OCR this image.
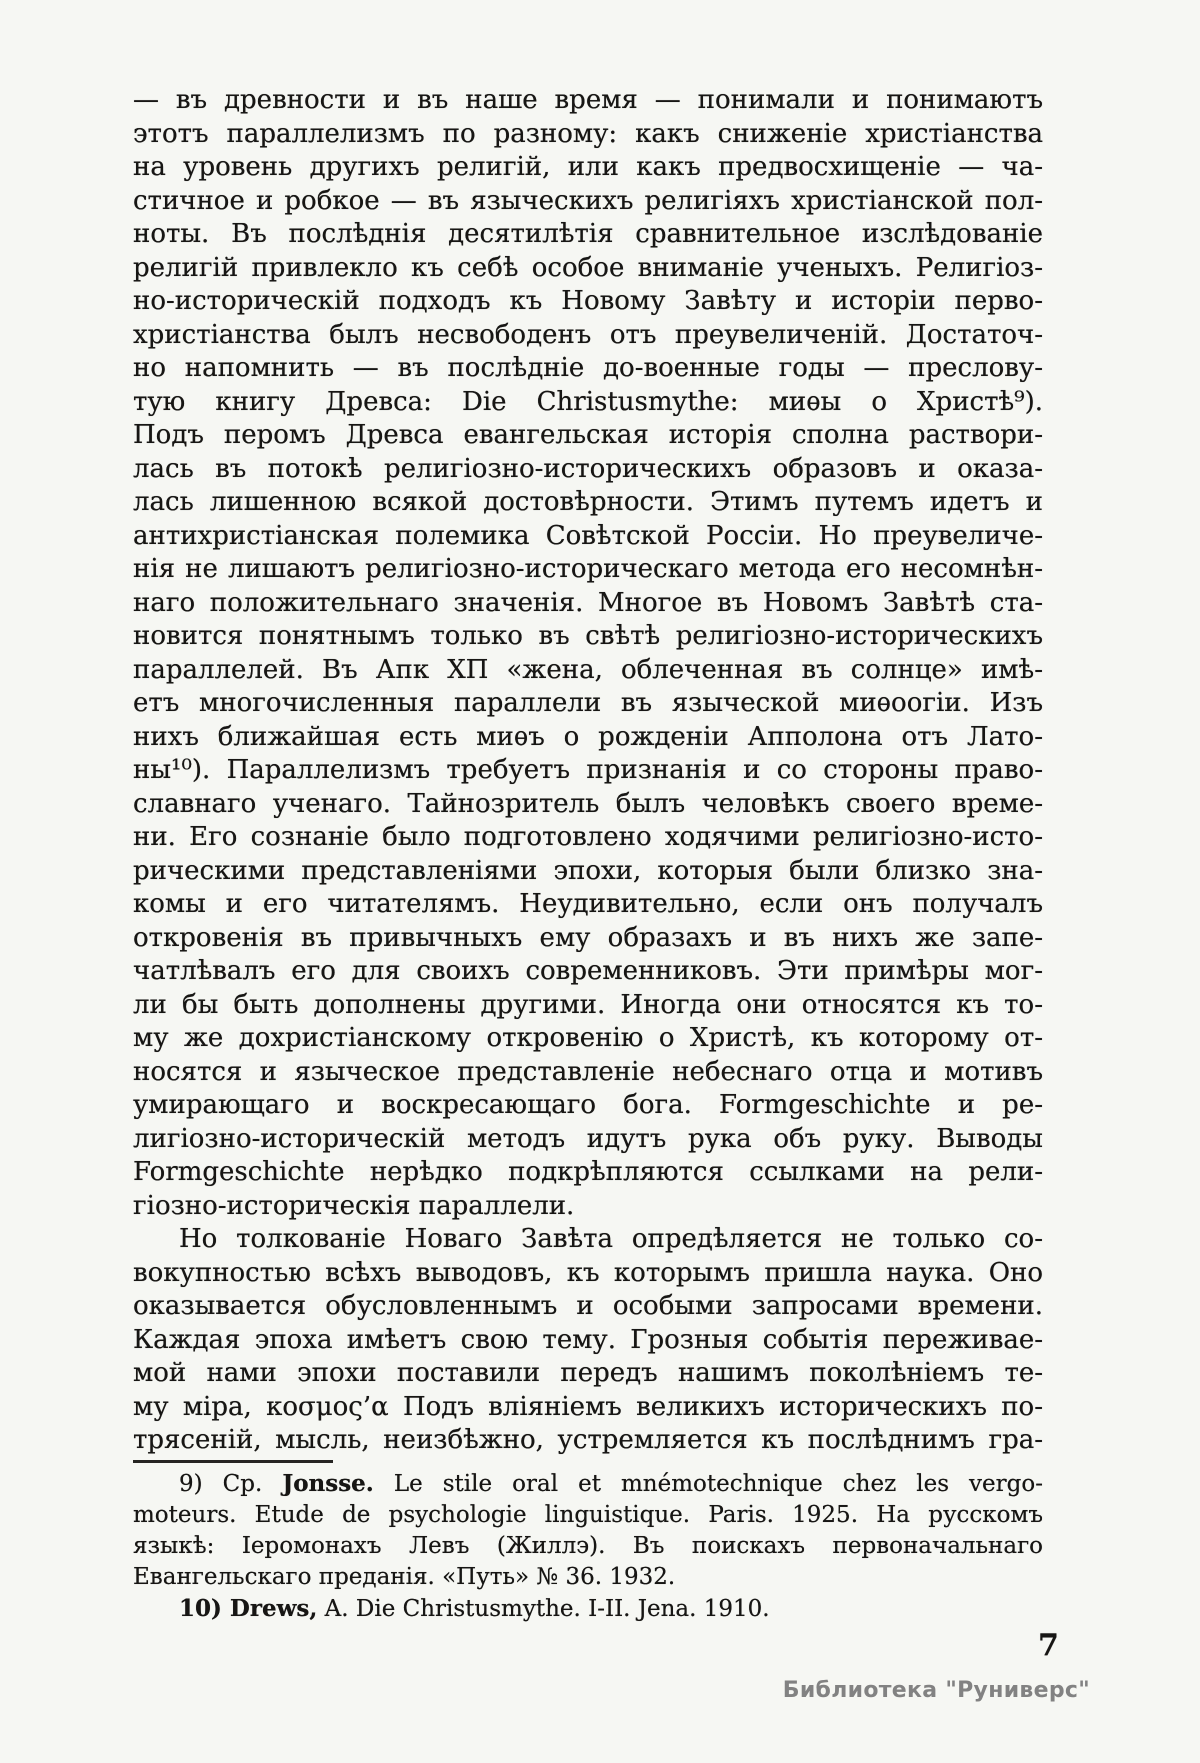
— въ древности и въ наше время — понимали и понимаютъ
этотъ параллелизмъ по разному: какъ сниженіе христіанства
на уровень другихъ религій, или какъ предвосхищеніе — ча-
стичное и робкое — въ языческихъ религіяхъ христіанской пол-
ноты. Въ послѣднія десятилѣтія сравнительное изслѣдованіе
религій привлекло къ себѣ особое вниманіе ученыхъ. Религіоз-
но-историческій подходъ къ Новому Завѣту и исторіи перво-
христіанства былъ несвободенъ отъ преувеличеній. Достаточ-
но напомнить — въ послѣдніе до-военные годы — преслову-
тую книгу Древса: Die Christusmythe: миѳы о Христѣ⁹).
Подъ перомъ Древса евангельская исторія сполна раствори-
лась въ потокѣ религіозно-историческихъ образовъ и оказа-
лась лишенною всякой достовѣрности. Этимъ путемъ идетъ и
антихристіанская полемика Совѣтской Россіи. Но преувеличе-
нія не лишаютъ религіозно-историческаго метода его несомнѣн-
наго положительнаго значенія. Многое въ Новомъ Завѣтѣ ста-
новится понятнымъ только въ свѣтѣ религіозно-историческихъ
параллелей. Въ Апк ХП «жена, облеченная въ солнце» имѣ-
етъ многочисленныя параллели въ языческой миѳоогіи. Изъ
нихъ ближайшая есть миѳъ о рожденіи Апполона отъ Лато-
ны¹⁰). Параллелизмъ требуетъ признанія и со стороны право-
славнаго ученаго. Тайнозритель былъ человѣкъ своего време-
ни. Его сознаніе было подготовлено ходячими религіозно-исто-
рическими представленіями эпохи, которыя были близко зна-
комы и его читателямъ. Неудивительно, если онъ получалъ
откровенія въ привычныхъ ему образахъ и въ нихъ же запе-
чатлѣвалъ его для своихъ современниковъ. Эти примѣры мог-
ли бы быть дополнены другими. Иногда они относятся къ то-
му же дохристіанскому откровенію о Христѣ, къ которому от-
носятся и языческое представленіе небеснаго отца и мотивъ
умирающаго и воскресающаго бога. Formgeschichte и ре-
лигіозно-историческій методъ идутъ рука объ руку. Выводы
Formgeschichte нерѣдко подкрѣпляются ссылками на рели-
гіозно-историческія параллели.
Но толкованіе Новаго Завѣта опредѣляется не только со-
вокупностью всѣхъ выводовъ, къ которымъ пришла наука. Оно
оказывается обусловленнымъ и особыми запросами времени.
Каждая эпоха имѣетъ свою тему. Грозныя событія переживае-
мой нами эпохи поставили передъ нашимъ поколѣніемъ те-
му міра, κοσμος’α Подъ вліяніемъ великихъ историческихъ по-
трясеній, мысль, неизбѣжно, устремляется къ послѣднимъ гра-
9) Ср. Jonsse. Le stile oral et mnémotechnique chez les vergo-
moteurs. Etude de psychologie linguistique. Paris. 1925. На русскомъ
языкѣ: Іеромонахъ Левъ (Жиллэ). Въ поискахъ первоначальнаго
Евангельскаго преданія. «Путь» № 36. 1932.
10) Drews, A. Die Christusmythe. I-II. Jena. 1910.
7
Библиотека "Руниверс"
